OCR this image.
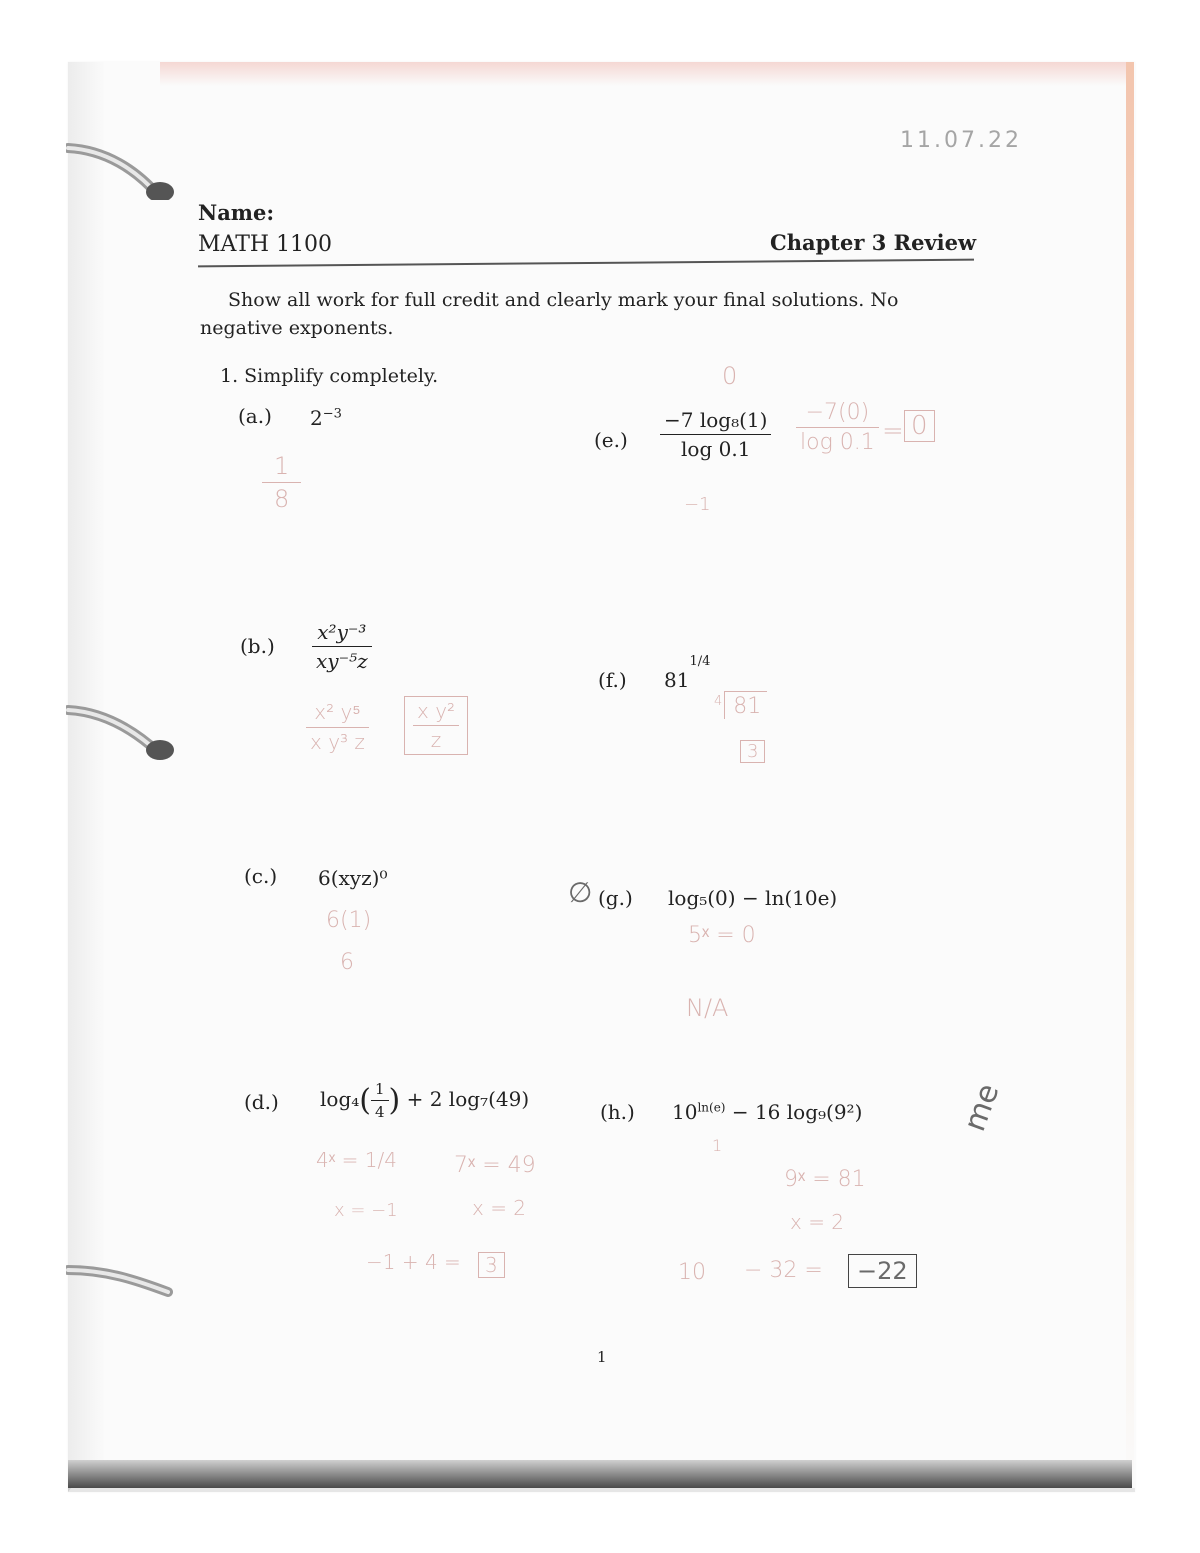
11.07.22
Name:
MATH 1100	Chapter 3 Review
Show all work for full credit and clearly mark your final solutions. No negative exponents.
1. Simplify completely.
(a.) $2^{-3}$
$\frac{1}{8}$
(e.)
0
$\frac{\text{−7 log₈(1)}}{\log 0.1}$
−1
$\frac{-7(0)}{\log 0.1} = 0$
$(b.) \frac{\text{x²y⁻³}}{\text{xy⁻⁵z}}$
$\frac{\text{x² y⁵}}{\text{x y³ z}} \frac{\text{x y²}}{z}$
(f.) $81^{1/4}$
$^4$ 81
3
(c.) 6(xyz)⁰
6(1)
6
∅ (g.) log₅(0) − ln(10e)
5ˣ = 0
N/A
(d.) $\log_4( \frac{1}{4}$ ) + 2 log₇(49)
4ˣ = 1/4	7ˣ = 49
x = −1	x = 2
−1 + 4 =	3
(h.) $10^{ln(e)} - 16$ log₉(9²)
1
9ˣ = 81
x = 2
10 − 32 =	−22
me
1
